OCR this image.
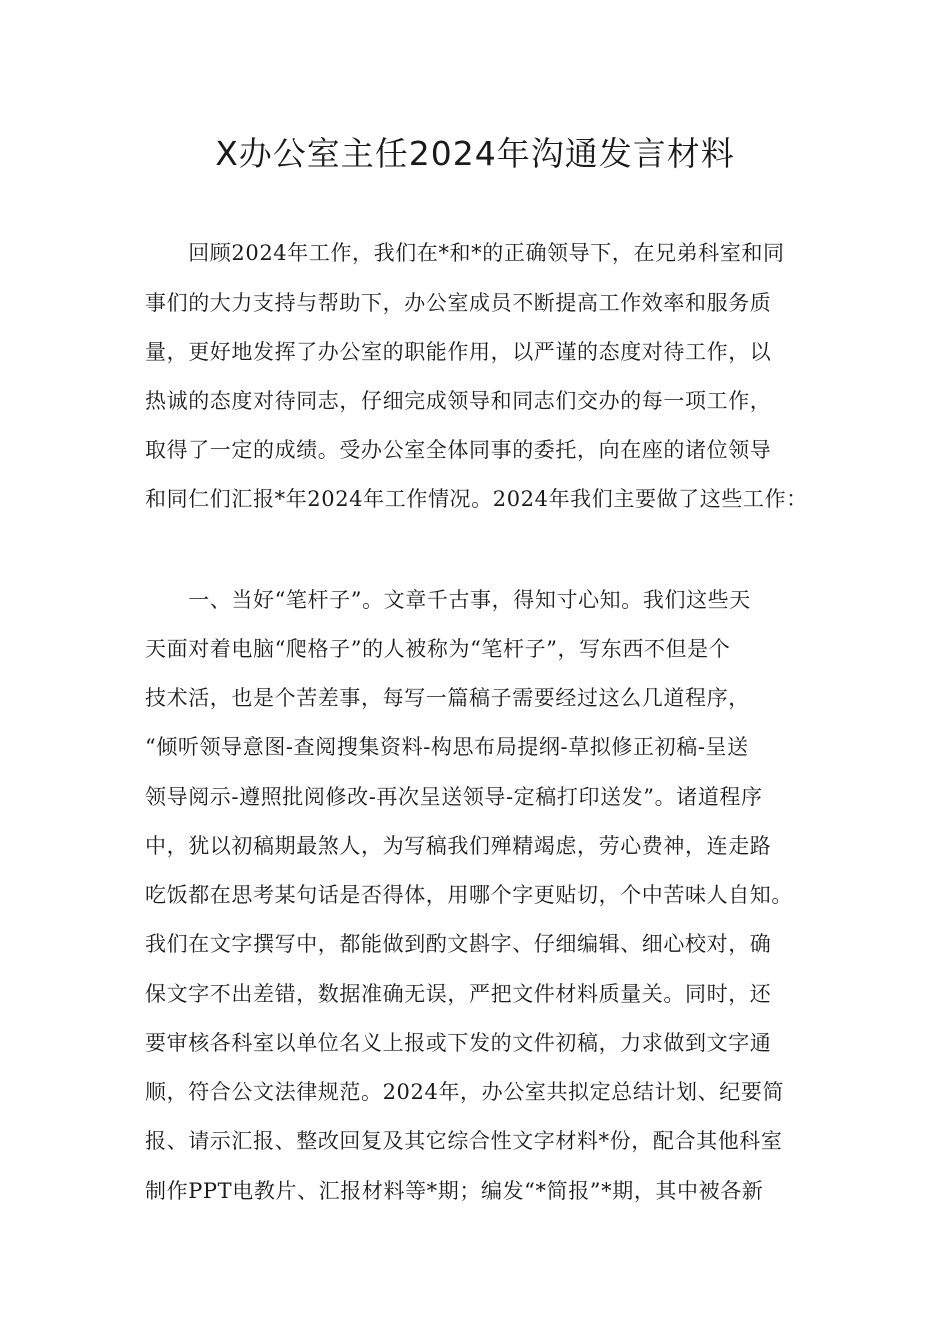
X办公室主任2024年沟通发言材料
　　回顾2024年工作，我们在*和*的正确领导下，在兄弟科室和同
事们的大力支持与帮助下，办公室成员不断提高工作效率和服务质
量，更好地发挥了办公室的职能作用，以严谨的态度对待工作，以
热诚的态度对待同志，仔细完成领导和同志们交办的每一项工作，
取得了一定的成绩。受办公室全体同事的委托，向在座的诸位领导
和同仁们汇报*年2024年工作情况。2024年我们主要做了这些工作：
　　一、当好“笔杆子”。文章千古事，得知寸心知。我们这些天
天面对着电脑“爬格子”的人被称为“笔杆子”，写东西不但是个
技术活，也是个苦差事，每写一篇稿子需要经过这么几道程序，
“倾听领导意图-查阅搜集资料-构思布局提纲-草拟修正初稿-呈送
领导阅示-遵照批阅修改-再次呈送领导-定稿打印送发”。诸道程序
中，犹以初稿期最煞人，为写稿我们殚精竭虑，劳心费神，连走路
吃饭都在思考某句话是否得体，用哪个字更贴切，个中苦味人自知。
我们在文字撰写中，都能做到酌文斟字、仔细编辑、细心校对，确
保文字不出差错，数据准确无误，严把文件材料质量关。同时，还
要审核各科室以单位名义上报或下发的文件初稿，力求做到文字通
顺，符合公文法律规范。2024年，办公室共拟定总结计划、纪要简
报、请示汇报、整改回复及其它综合性文字材料*份，配合其他科室
制作PPT电教片、汇报材料等*期；编发“*简报”*期，其中被各新
